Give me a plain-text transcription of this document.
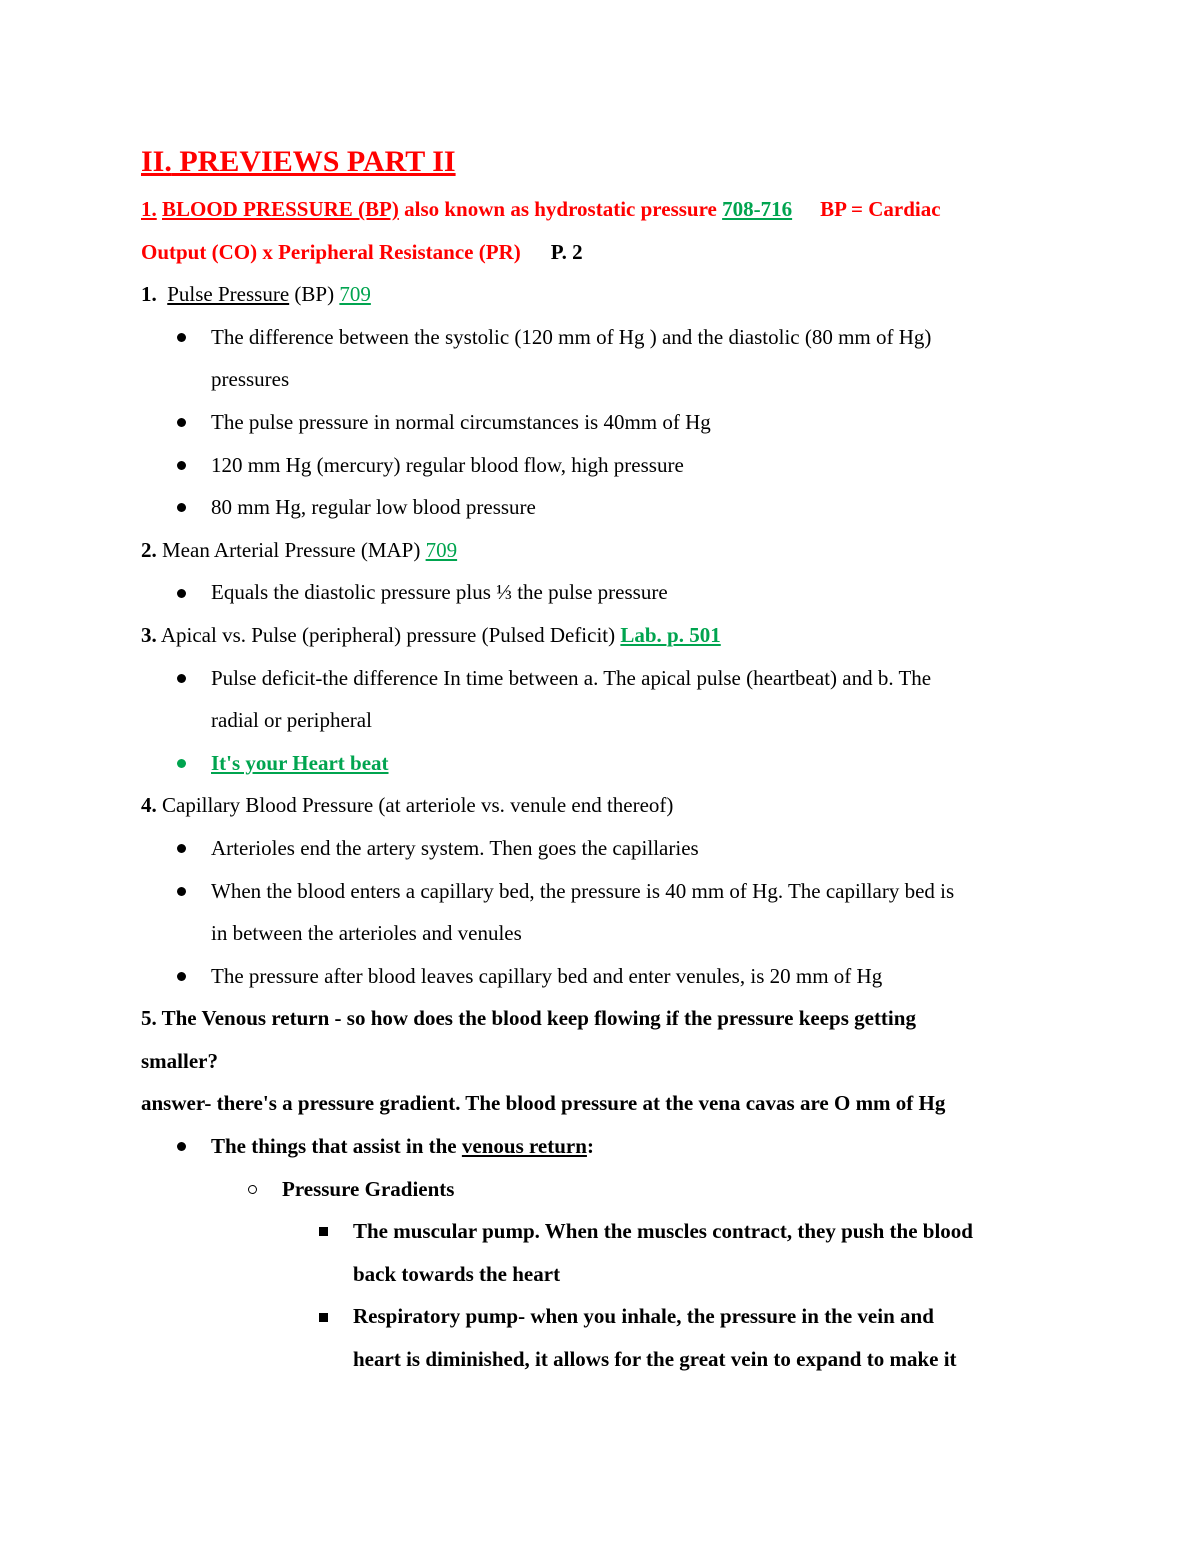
II. PREVIEWS PART II
1. BLOOD PRESSURE (BP) also known as hydrostatic pressure 708-716 BP = Cardiac
Output (CO) x Peripheral Resistance (PR) P. 2
1. Pulse Pressure (BP) 709
The difference between the systolic (120 mm of Hg ) and the diastolic (80 mm of Hg)
pressures
The pulse pressure in normal circumstances is 40mm of Hg
120 mm Hg (mercury) regular blood flow, high pressure
80 mm Hg, regular low blood pressure
2. Mean Arterial Pressure (MAP) 709
Equals the diastolic pressure plus ⅓ the pulse pressure
3. Apical vs. Pulse (peripheral) pressure (Pulsed Deficit) Lab. p. 501
Pulse deficit-the difference In time between a. The apical pulse (heartbeat) and b. The
radial or peripheral
It's your Heart beat
4. Capillary Blood Pressure (at arteriole vs. venule end thereof)
Arterioles end the artery system. Then goes the capillaries
When the blood enters a capillary bed, the pressure is 40 mm of Hg. The capillary bed is
in between the arterioles and venules
The pressure after blood leaves capillary bed and enter venules, is 20 mm of Hg
5. The Venous return - so how does the blood keep flowing if the pressure keeps getting
smaller?
answer- there's a pressure gradient. The blood pressure at the vena cavas are O mm of Hg
The things that assist in the venous return:
Pressure Gradients
The muscular pump. When the muscles contract, they push the blood
back towards the heart
Respiratory pump- when you inhale, the pressure in the vein and
heart is diminished, it allows for the great vein to expand to make it
